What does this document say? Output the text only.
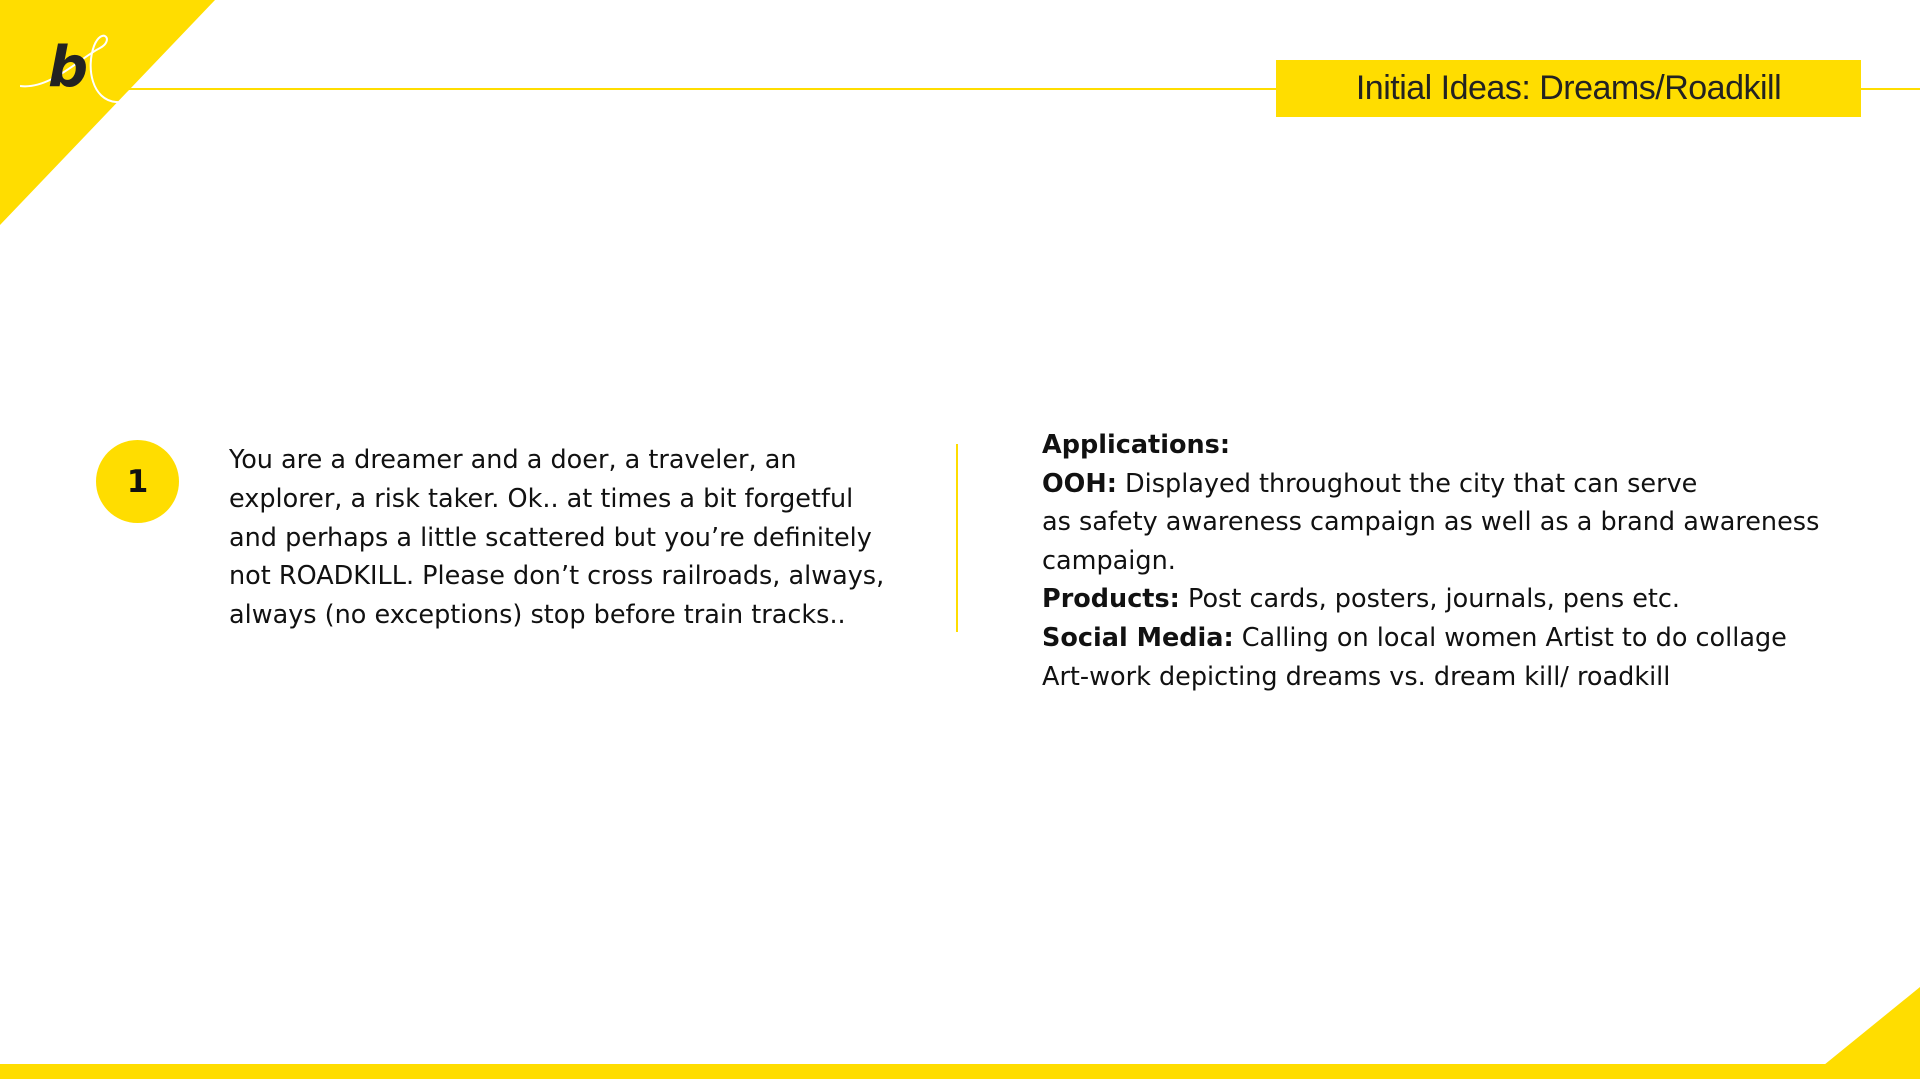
b	Initial Ideas: Dreams/Roadkill
1

You are a dreamer and a doer, a traveler, an explorer, a risk taker. Ok.. at times a bit forgetful and perhaps a little scattered but you’re definitely not ROADKILL. Please don’t cross railroads, always, always (no exceptions) stop before train tracks..

Applications:
OOH: Displayed throughout the city that can serve
as safety awareness campaign as well as a brand awareness
campaign.
Products: Post cards, posters, journals, pens etc.
Social Media: Calling on local women Artist to do collage
Art-work depicting dreams vs. dream kill/ roadkill
